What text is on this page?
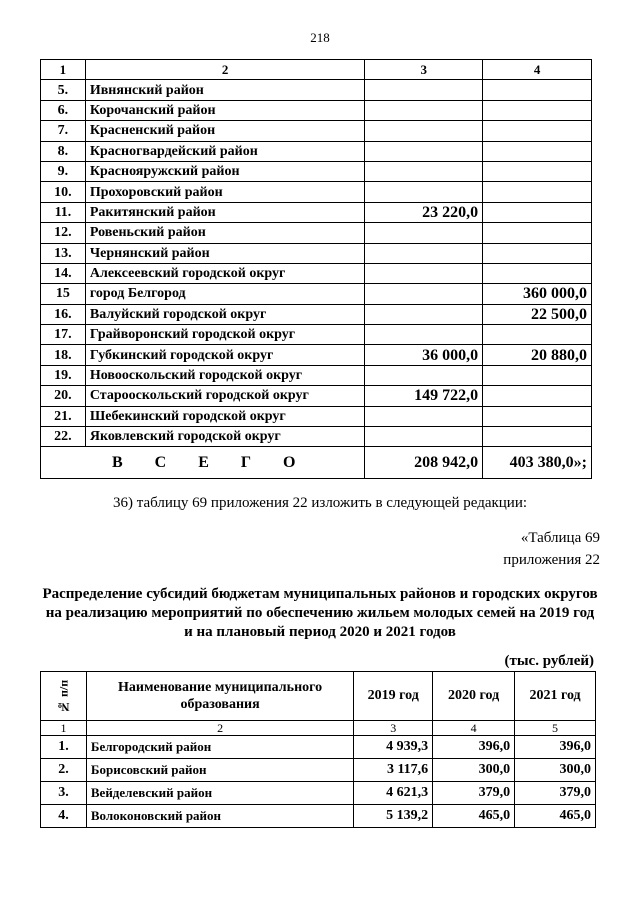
218
1	2	3	4
5.	Ивнянский район		
6.	Корочанский район		
7.	Красненский район		
8.	Красногвардейский район		
9.	Краснояружский район		
10.	Прохоровский район		
11.	Ракитянский район	23 220,0	
12.	Ровеньский район		
13.	Чернянский район		
14.	Алексеевский городской округ		
15	город Белгород		360 000,0
16.	Валуйский городской округ		22 500,0
17.	Грайворонский городской округ		
18.	Губкинский городской округ	36 000,0	20 880,0
19.	Новооскольский городской округ		
20.	Старооскольский городской округ	149 722,0	
21.	Шебекинский городской округ		
22.	Яковлевский городской округ		
В С Е Г О		208 942,0	403 380,0»;
36) таблицу 69 приложения 22 изложить в следующей редакции:
«Таблица 69
приложения 22
Распределение субсидий бюджетам муниципальных районов и городских округов на реализацию мероприятий по обеспечению жильем молодых семей на 2019 год и на плановый период 2020 и 2021 годов
(тыс. рублей)
№ п/п	Наименование муниципального образования	2019 год	2020 год	2021 год
1	2	3	4	5
1.	Белгородский район	4 939,3	396,0	396,0
2.	Борисовский район	3 117,6	300,0	300,0
3.	Вейделевский район	4 621,3	379,0	379,0
4.	Волоконовский район	5 139,2	465,0	465,0
